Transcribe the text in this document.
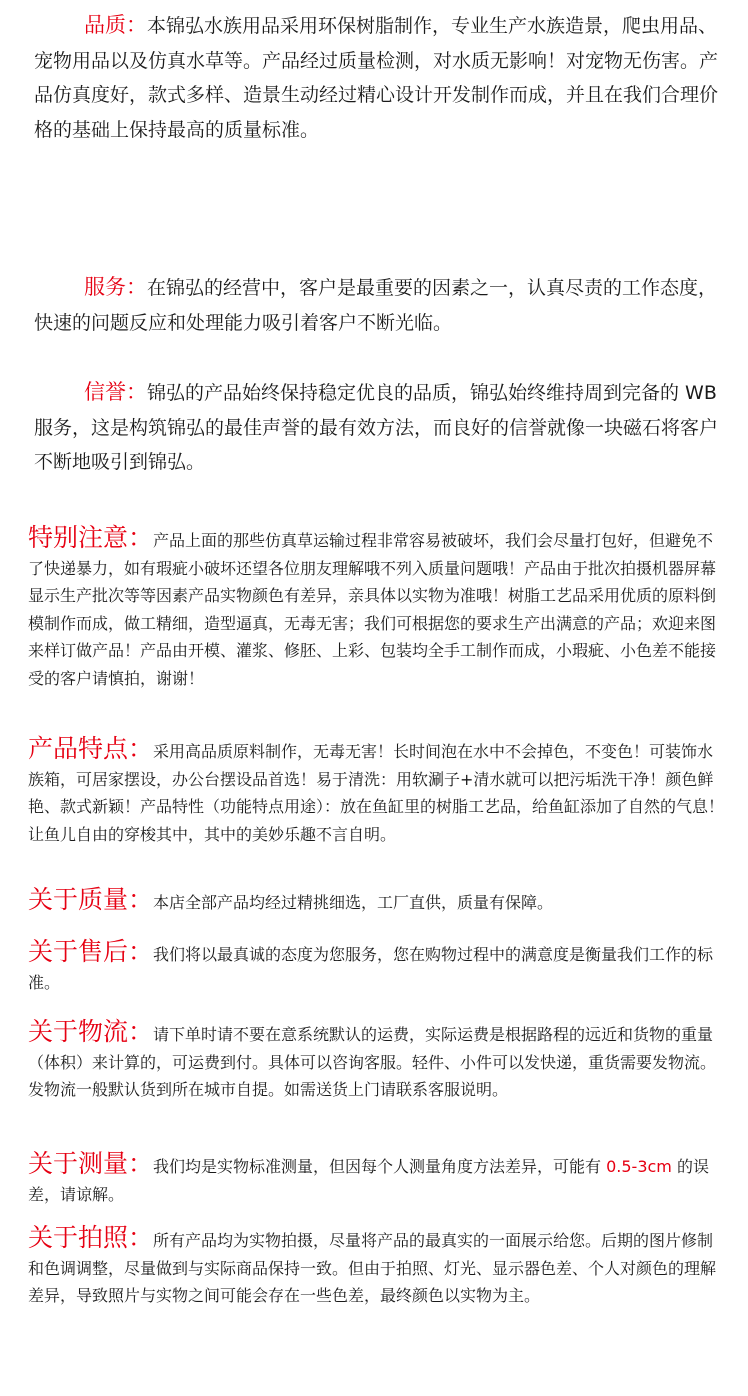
品质：本锦弘水族用品采用环保树脂制作，专业生产水族造景，爬虫用品、宠物用品以及仿真水草等。产品经过质量检测，对水质无影响！对宠物无伤害。产品仿真度好，款式多样、造景生动经过精心设计开发制作而成，并且在我们合理价格的基础上保持最高的质量标准。

服务：在锦弘的经营中，客户是最重要的因素之一，认真尽责的工作态度，快速的问题反应和处理能力吸引着客户不断光临。

信誉：锦弘的产品始终保持稳定优良的品质，锦弘始终维持周到完备的 WB 服务，这是构筑锦弘的最佳声誉的最有效方法，而良好的信誉就像一块磁石将客户不断地吸引到锦弘。

特别注意：产品上面的那些仿真草运输过程非常容易被破坏，我们会尽量打包好，但避免不了快递暴力，如有瑕疵小破坏还望各位朋友理解哦不列入质量问题哦！产品由于批次拍摄机器屏幕显示生产批次等等因素产品实物颜色有差异，亲具体以实物为准哦！树脂工艺品采用优质的原料倒模制作而成，做工精细，造型逼真，无毒无害；我们可根据您的要求生产出满意的产品；欢迎来图来样订做产品！产品由开模、灌浆、修胚、上彩、包装均全手工制作而成，小瑕疵、小色差不能接受的客户请慎拍，谢谢！

产品特点：采用高品质原料制作，无毒无害！长时间泡在水中不会掉色，不变色！可装饰水族箱，可居家摆设，办公台摆设品首选！易于清洗：用软涮子+清水就可以把污垢洗干净！颜色鲜艳、款式新颖！产品特性（功能特点用途）：放在鱼缸里的树脂工艺品，给鱼缸添加了自然的气息！让鱼儿自由的穿梭其中，其中的美妙乐趣不言自明。

关于质量：本店全部产品均经过精挑细选，工厂直供，质量有保障。

关于售后：我们将以最真诚的态度为您服务，您在购物过程中的满意度是衡量我们工作的标准。

关于物流：请下单时请不要在意系统默认的运费，实际运费是根据路程的远近和货物的重量（体积）来计算的，可运费到付。具体可以咨询客服。轻件、小件可以发快递，重货需要发物流。发物流一般默认货到所在城市自提。如需送货上门请联系客服说明。

关于测量：我们均是实物标准测量，但因每个人测量角度方法差异，可能有 0.5-3cm 的误差，请谅解。

关于拍照：所有产品均为实物拍摄，尽量将产品的最真实的一面展示给您。后期的图片修制和色调调整，尽量做到与实际商品保持一致。但由于拍照、灯光、显示器色差、个人对颜色的理解差异，导致照片与实物之间可能会存在一些色差，最终颜色以实物为主。
